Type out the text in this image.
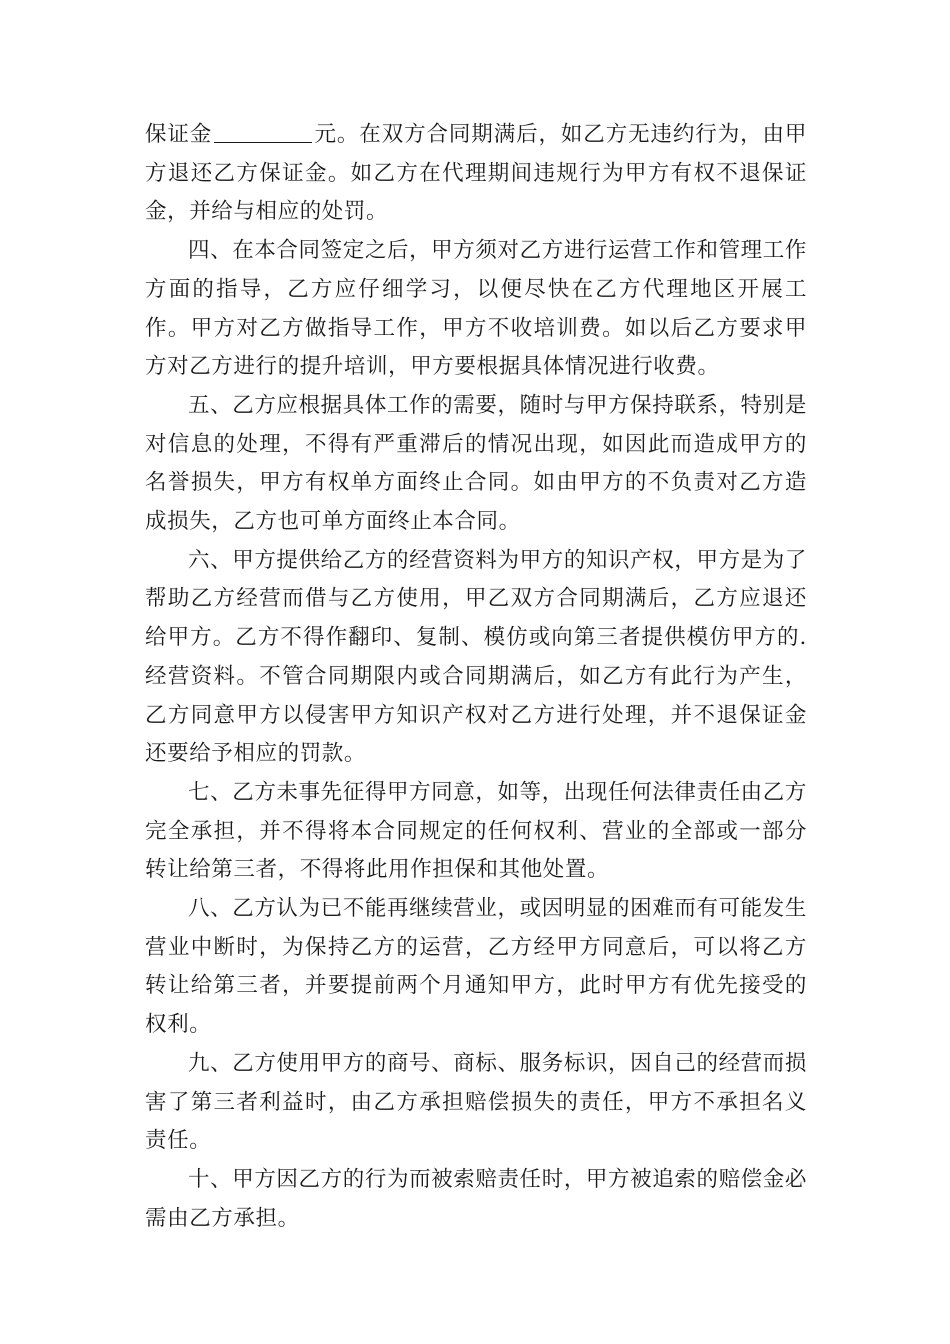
保证金	元。在双方合同期满后，如乙方无违约行为，由甲方退还乙方保证金。如乙方在代理期间违规行为甲方有权不退保证金，并给与相应的处罚。

四、在本合同签定之后，甲方须对乙方进行运营工作和管理工作方面的指导，乙方应仔细学习，以便尽快在乙方代理地区开展工作。甲方对乙方做指导工作，甲方不收培训费。如以后乙方要求甲方对乙方进行的提升培训，甲方要根据具体情况进行收费。

五、乙方应根据具体工作的需要，随时与甲方保持联系，特别是对信息的处理，不得有严重滞后的情况出现，如因此而造成甲方的名誉损失，甲方有权单方面终止合同。如由甲方的不负责对乙方造成损失，乙方也可单方面终止本合同。

六、甲方提供给乙方的经营资料为甲方的知识产权，甲方是为了帮助乙方经营而借与乙方使用，甲乙双方合同期满后，乙方应退还给甲方。乙方不得作翻印、复制、模仿或向第三者提供模仿甲方的.经营资料。不管合同期限内或合同期满后，如乙方有此行为产生，乙方同意甲方以侵害甲方知识产权对乙方进行处理，并不退保证金还要给予相应的罚款。

七、乙方未事先征得甲方同意，如等，出现任何法律责任由乙方完全承担，并不得将本合同规定的任何权利、营业的全部或一部分转让给第三者，不得将此用作担保和其他处置。

八、乙方认为已不能再继续营业，或因明显的困难而有可能发生营业中断时，为保持乙方的运营，乙方经甲方同意后，可以将乙方转让给第三者，并要提前两个月通知甲方，此时甲方有优先接受的权利。

九、乙方使用甲方的商号、商标、服务标识，因自己的经营而损害了第三者利益时，由乙方承担赔偿损失的责任，甲方不承担名义责任。

十、甲方因乙方的行为而被索赔责任时，甲方被追索的赔偿金必需由乙方承担。
